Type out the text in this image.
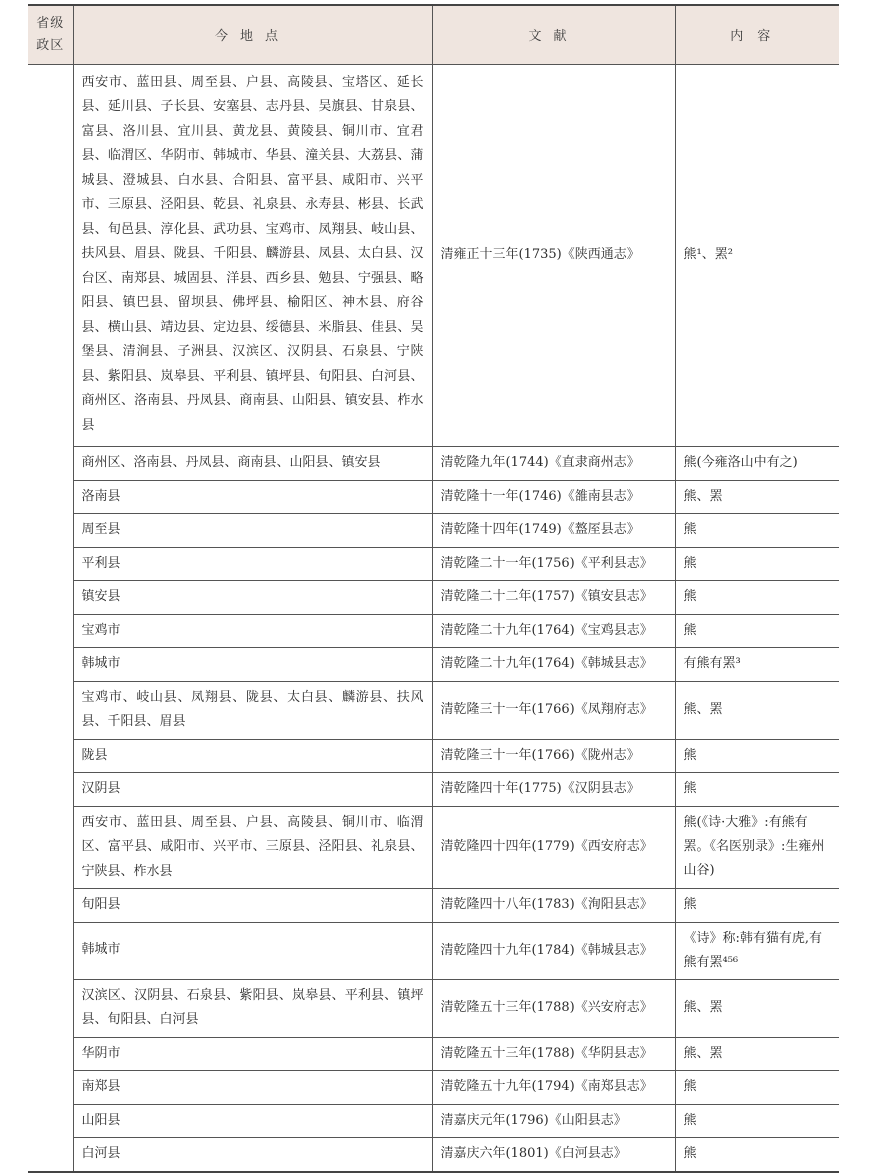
省级
政区	今地点	文献	内容
	西安市、蓝田县、周至县、户县、高陵县、宝塔区、延长县、延川县、子长县、安塞县、志丹县、吴旗县、甘泉县、富县、洛川县、宜川县、黄龙县、黄陵县、铜川市、宜君县、临渭区、华阴市、韩城市、华县、潼关县、大荔县、蒲城县、澄城县、白水县、合阳县、富平县、咸阳市、兴平市、三原县、泾阳县、乾县、礼泉县、永寿县、彬县、长武县、旬邑县、淳化县、武功县、宝鸡市、凤翔县、岐山县、扶风县、眉县、陇县、千阳县、麟游县、凤县、太白县、汉台区、南郑县、城固县、洋县、西乡县、勉县、宁强县、略阳县、镇巴县、留坝县、佛坪县、榆阳区、神木县、府谷县、横山县、靖边县、定边县、绥德县、米脂县、佳县、吴堡县、清涧县、子洲县、汉滨区、汉阴县、石泉县、宁陕县、紫阳县、岚皋县、平利县、镇坪县、旬阳县、白河县、商州区、洛南县、丹凤县、商南县、山阳县、镇安县、柞水县	清雍正十三年(1735)《陕西通志》	熊¹、罴²
	商州区、洛南县、丹凤县、商南县、山阳县、镇安县	清乾隆九年(1744)《直隶商州志》	熊(今雍洛山中有之)
	洛南县	清乾隆十一年(1746)《雒南县志》	熊、罴
	周至县	清乾隆十四年(1749)《盩厔县志》	熊
	平利县	清乾隆二十一年(1756)《平利县志》	熊
	镇安县	清乾隆二十二年(1757)《镇安县志》	熊
	宝鸡市	清乾隆二十九年(1764)《宝鸡县志》	熊
	韩城市	清乾隆二十九年(1764)《韩城县志》	有熊有罴³
	宝鸡市、岐山县、凤翔县、陇县、太白县、麟游县、扶风县、千阳县、眉县	清乾隆三十一年(1766)《凤翔府志》	熊、罴
	陇县	清乾隆三十一年(1766)《陇州志》	熊
	汉阴县	清乾隆四十年(1775)《汉阴县志》	熊
	西安市、蓝田县、周至县、户县、高陵县、铜川市、临渭区、富平县、咸阳市、兴平市、三原县、泾阳县、礼泉县、宁陕县、柞水县	清乾隆四十四年(1779)《西安府志》	熊(《诗·大雅》:有熊有罴。《名医别录》:生雍州山谷)
	旬阳县	清乾隆四十八年(1783)《洵阳县志》	熊
	韩城市	清乾隆四十九年(1784)《韩城县志》	《诗》称:韩有猫有虎,有熊有罴⁴⁵⁶
	汉滨区、汉阴县、石泉县、紫阳县、岚皋县、平利县、镇坪县、旬阳县、白河县	清乾隆五十三年(1788)《兴安府志》	熊、罴
	华阴市	清乾隆五十三年(1788)《华阴县志》	熊、罴
	南郑县	清乾隆五十九年(1794)《南郑县志》	熊
	山阳县	清嘉庆元年(1796)《山阳县志》	熊
	白河县	清嘉庆六年(1801)《白河县志》	熊
